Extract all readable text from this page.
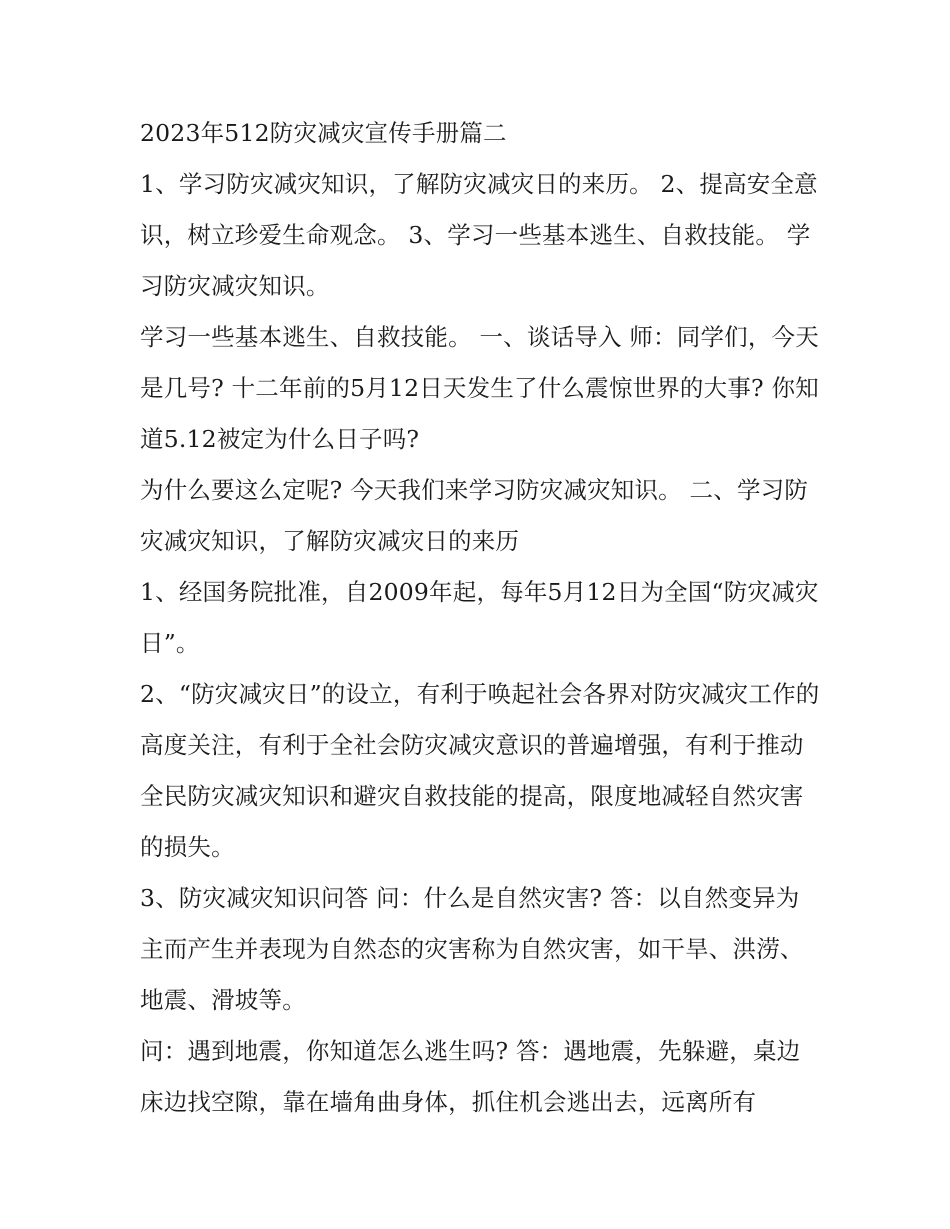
2023年512防灾减灾宣传手册篇二

1、学习防灾减灾知识，了解防灾减灾日的来历。 2、提高安全意识，树立珍爱生命观念。 3、学习一些基本逃生、自救技能。 学习防灾减灾知识。

学习一些基本逃生、自救技能。 一、谈话导入 师：同学们，今天是几号? 十二年前的5月12日天发生了什么震惊世界的大事? 你知道5.12被定为什么日子吗?

为什么要这么定呢? 今天我们来学习防灾减灾知识。 二、学习防灾减灾知识，了解防灾减灾日的来历

1、经国务院批准，自2009年起，每年5月12日为全国“防灾减灾日”。

2、“防灾减灾日”的设立，有利于唤起社会各界对防灾减灾工作的高度关注，有利于全社会防灾减灾意识的普遍增强，有利于推动全民防灾减灾知识和避灾自救技能的提高，限度地减轻自然灾害的损失。

3、防灾减灾知识问答 问：什么是自然灾害? 答：以自然变异为主而产生并表现为自然态的灾害称为自然灾害，如干旱、洪涝、地震、滑坡等。

问：遇到地震，你知道怎么逃生吗? 答：遇地震，先躲避，桌边床边找空隙，靠在墙角曲身体，抓住机会逃出去，远离所有
